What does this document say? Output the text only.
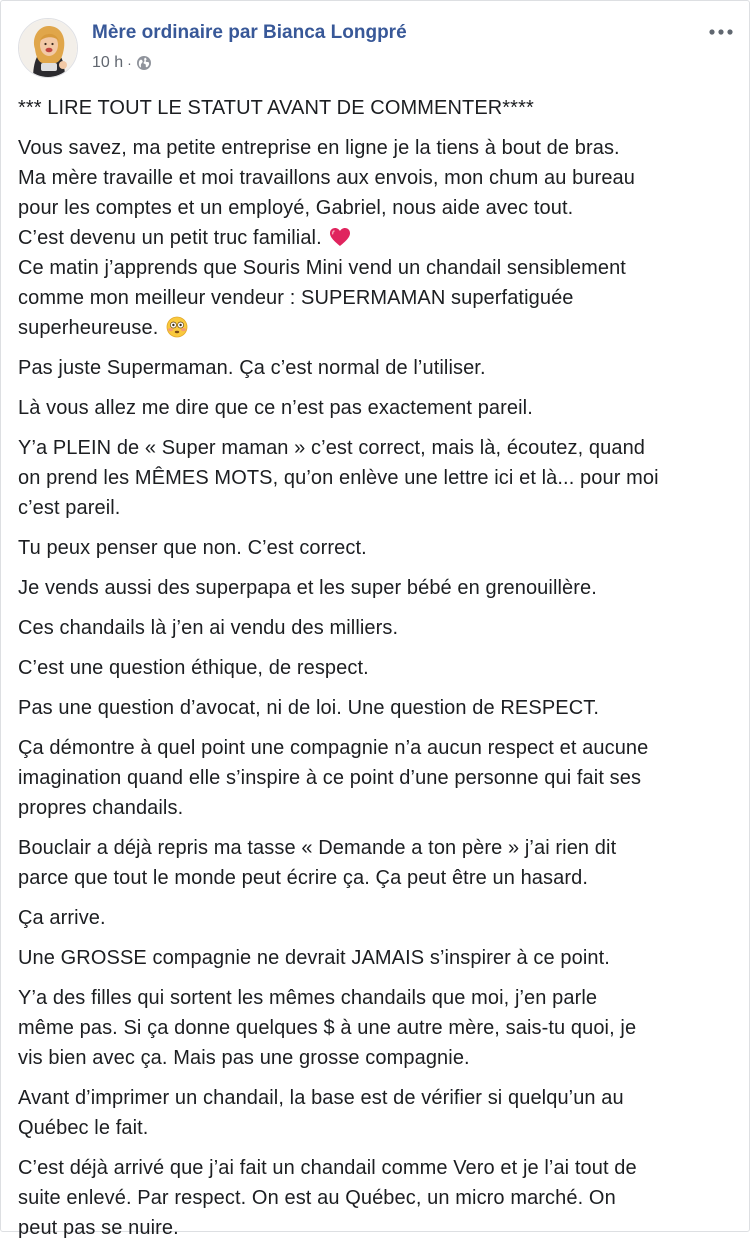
Mère ordinaire par Bianca Longpré
10 h ·

*** LIRE TOUT LE STATUT AVANT DE COMMENTER****

Vous savez, ma petite entreprise en ligne je la tiens à bout de bras.
Ma mère travaille et moi travaillons aux envois, mon chum au bureau
pour les comptes et un employé, Gabriel, nous aide avec tout.
C’est devenu un petit truc familial.
Ce matin j’apprends que Souris Mini vend un chandail sensiblement
comme mon meilleur vendeur : SUPERMAMAN superfatiguée
superheureuse.

Pas juste Supermaman. Ça c’est normal de l’utiliser.

Là vous allez me dire que ce n’est pas exactement pareil.

Y’a PLEIN de « Super maman » c’est correct, mais là, écoutez, quand
on prend les MÊMES MOTS, qu’on enlève une lettre ici et là... pour moi
c’est pareil.

Tu peux penser que non. C’est correct.

Je vends aussi des superpapa et les super bébé en grenouillère.

Ces chandails là j’en ai vendu des milliers.

C’est une question éthique, de respect.

Pas une question d’avocat, ni de loi. Une question de RESPECT.

Ça démontre à quel point une compagnie n’a aucun respect et aucune
imagination quand elle s’inspire à ce point d’une personne qui fait ses
propres chandails.

Bouclair a déjà repris ma tasse « Demande a ton père » j’ai rien dit
parce que tout le monde peut écrire ça. Ça peut être un hasard.

Ça arrive.

Une GROSSE compagnie ne devrait JAMAIS s’inspirer à ce point.

Y’a des filles qui sortent les mêmes chandails que moi, j’en parle
même pas. Si ça donne quelques $ à une autre mère, sais-tu quoi, je
vis bien avec ça. Mais pas une grosse compagnie.

Avant d’imprimer un chandail, la base est de vérifier si quelqu’un au
Québec le fait.

C’est déjà arrivé que j’ai fait un chandail comme Vero et je l’ai tout de
suite enlevé. Par respect. On est au Québec, un micro marché. On
peut pas se nuire.
